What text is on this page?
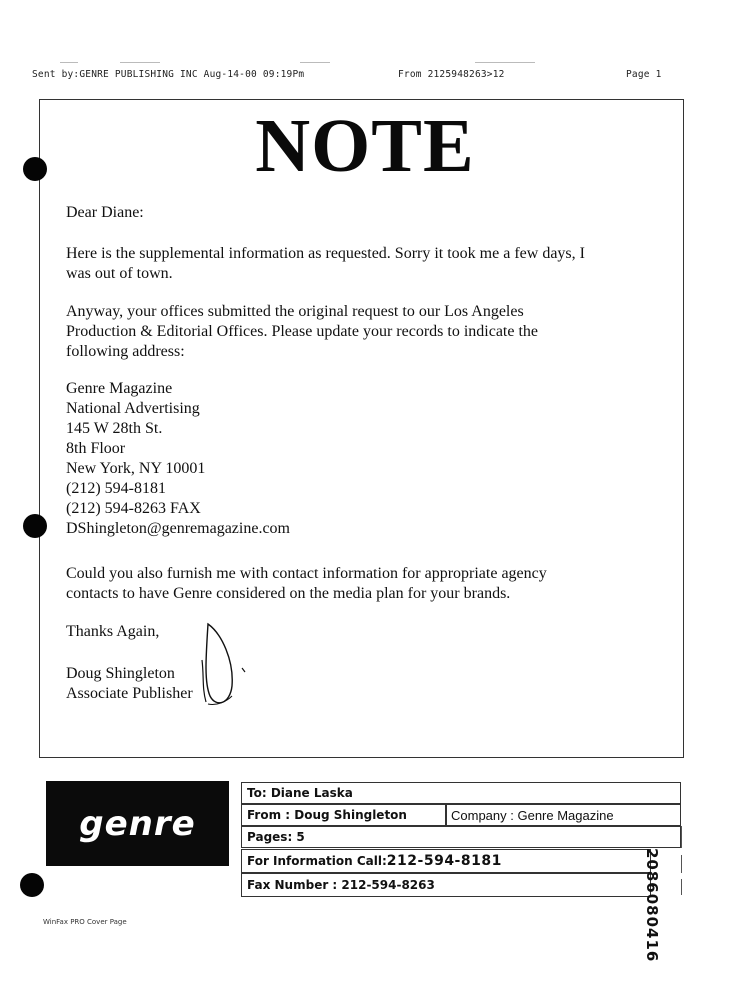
Sent by:GENRE PUBLISHING INC Aug-14-00 09:19Pm	From 2125948263>12	Page 1
NOTE

Dear Diane:

Here is the supplemental information as requested. Sorry it took me a few days, I

was out of town.

Anyway, your offices submitted the original request to our Los Angeles

Production & Editorial Offices. Please update your records to indicate the

following address:

Genre Magazine

National Advertising

145 W 28th St.

8th Floor

New York, NY 10001

(212) 594-8181

(212) 594-8263 FAX

DShingleton@genremagazine.com

Could you also furnish me with contact information for appropriate agency

contacts to have Genre considered on the media plan for your brands.

Thanks Again,

Doug Shingleton

Associate Publisher

genre
To: Diane Laska
From : Doug Shingleton	Company : Genre Magazine
Pages: 5
For Information Call: 212-594-8181
Fax Number : 212-594-8263	2086080416
WinFax PRO Cover Page
